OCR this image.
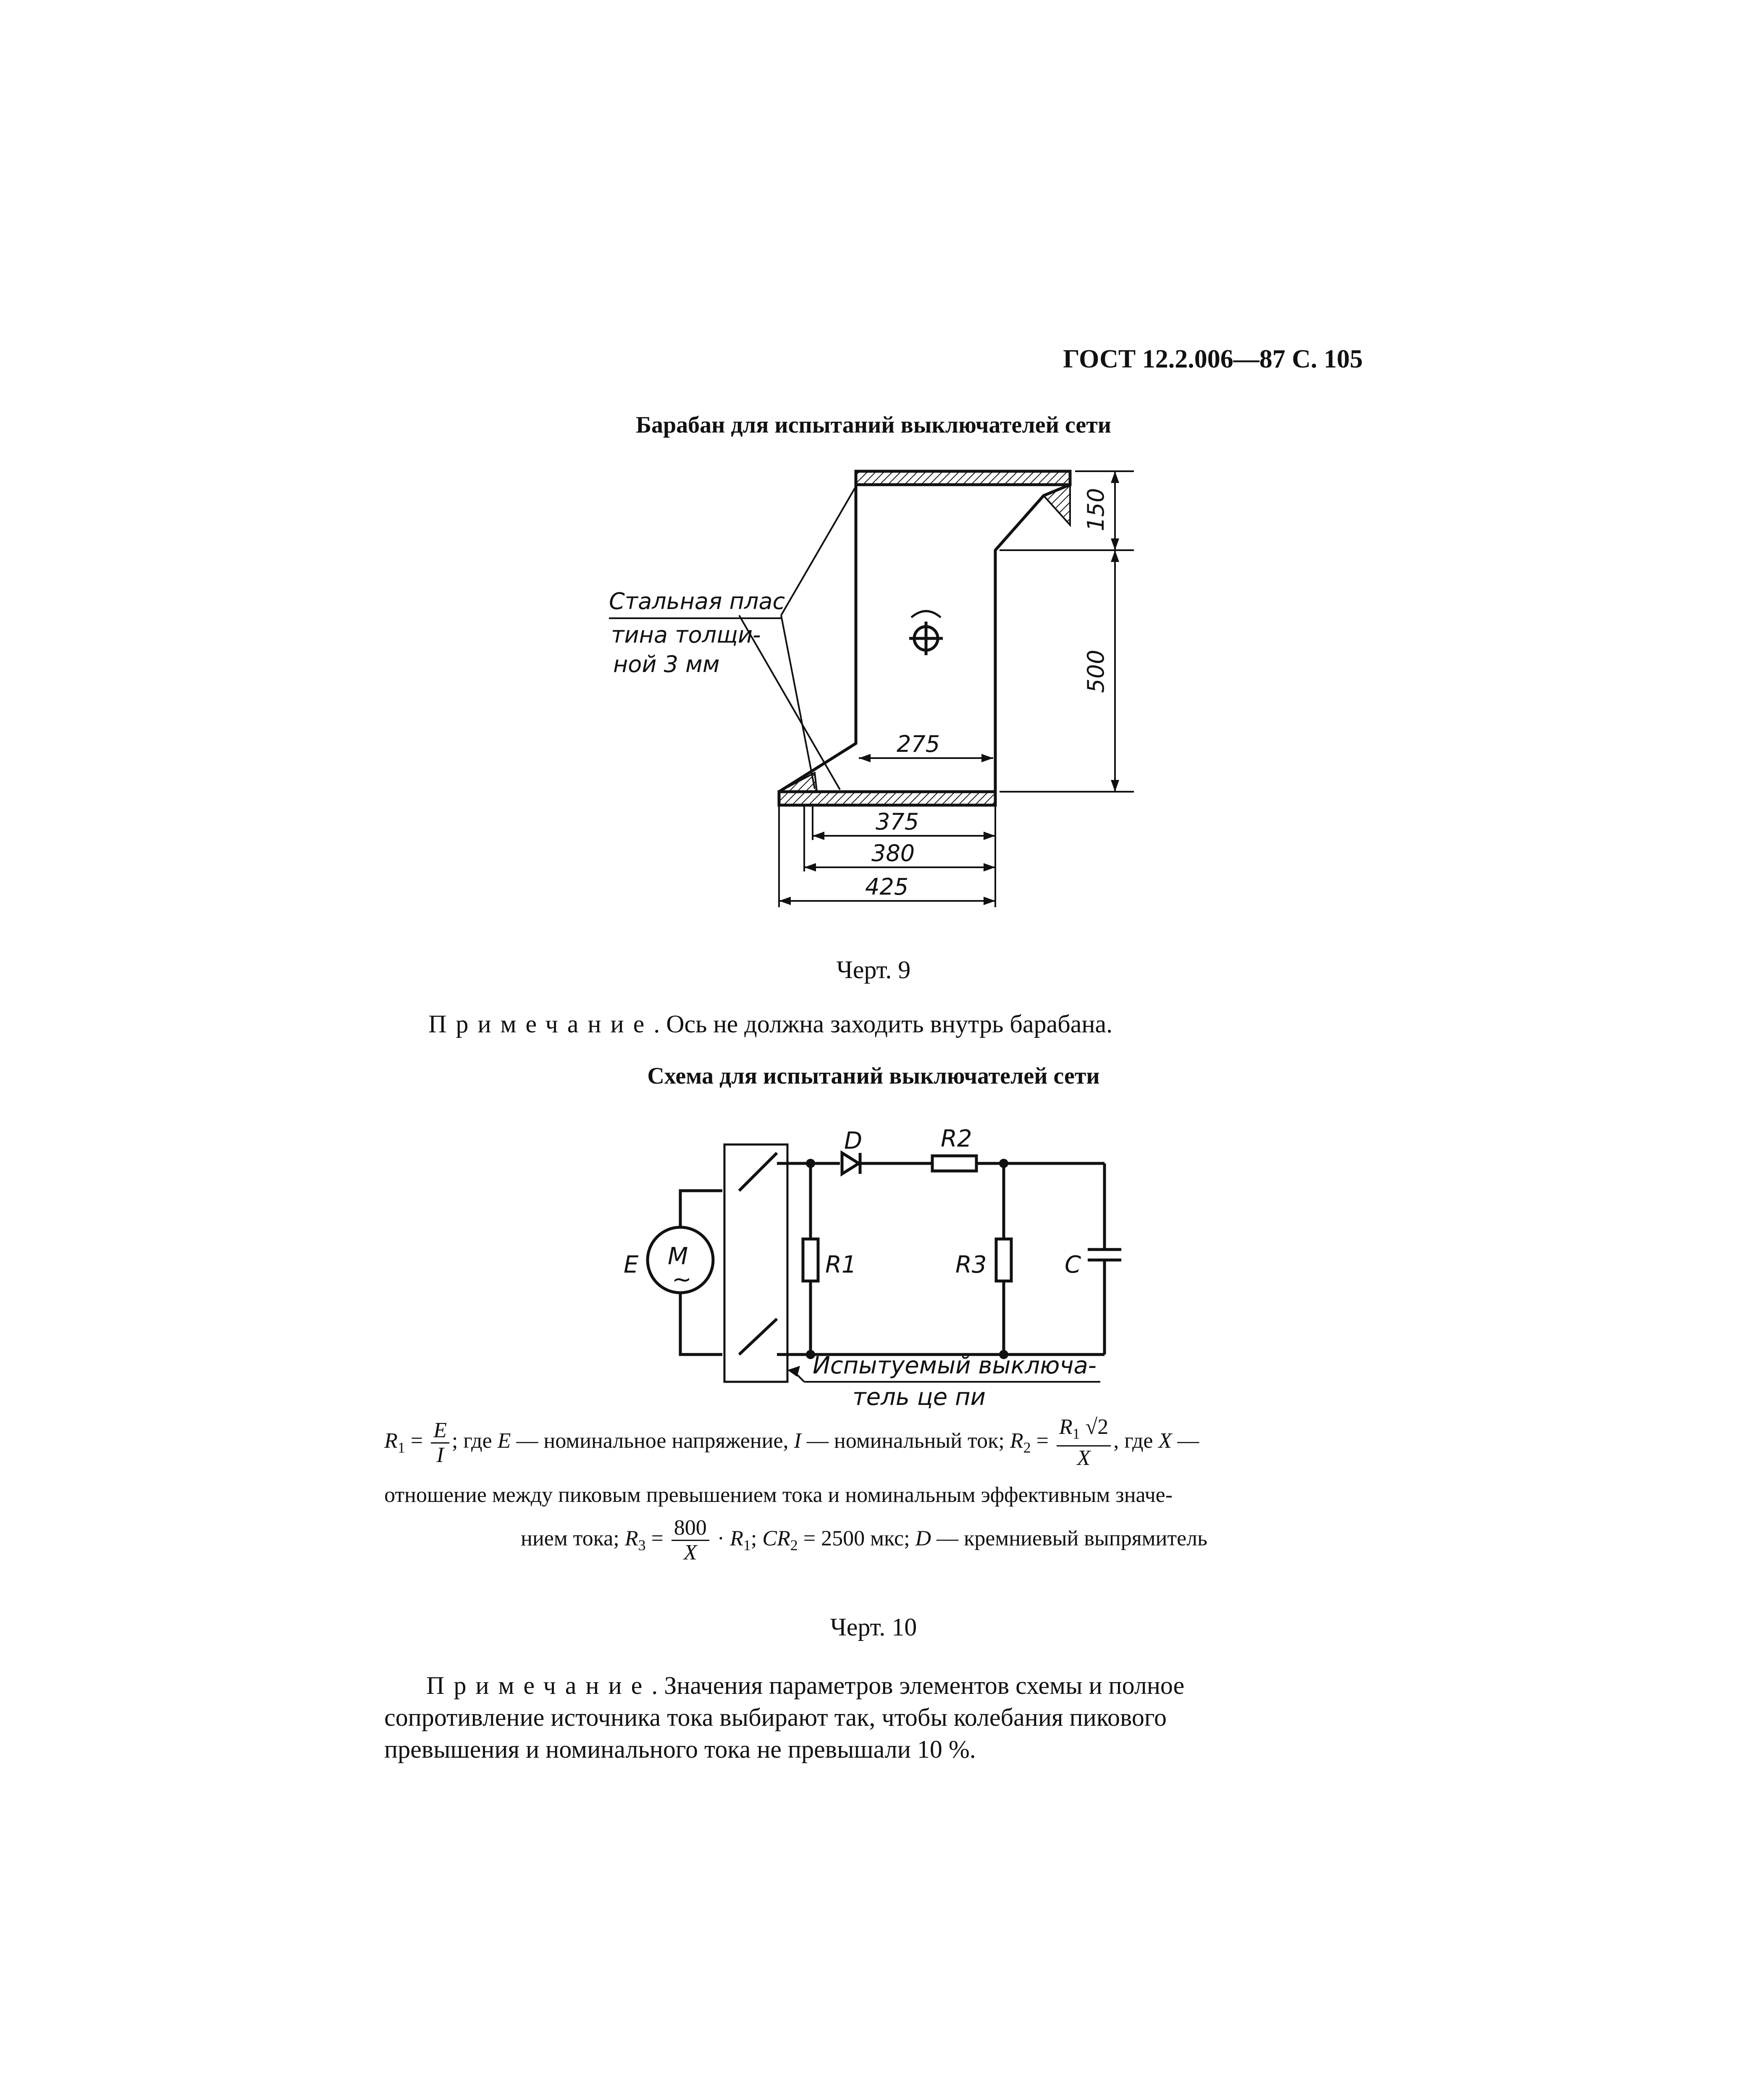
ГОСТ 12.2.006—87 С. 105
Барабан для испытаний выключателей сети
Стальная плас
тина толщи-
ной 3 мм
150
500
275
375
380
425
Черт. 9
Примечание. Ось не должна заходить внутрь барабана.
Схема для испытаний выключателей сети
D	R2
R1	R3	C
E M
~
Испытуемый выключа-
тель це пи
$R_1 = \frac{E}{I}$ ; где E — номинальное напряжение, I — номинальный ток; $R_2 = \frac{R_1 √2}{X}$ , где X —
отношение между пиковым превышением тока и номинальным эффективным значе-
нием тока; $R_3 = \frac{800}{X} \cdot R_1$; $CR_2 = 2500$ мкс; D — кремниевый выпрямитель
Черт. 10
Примечание. Значения параметров элементов схемы и полное
сопротивление источника тока выбирают так, чтобы колебания пикового
превышения и номинального тока не превышали 10 %.
